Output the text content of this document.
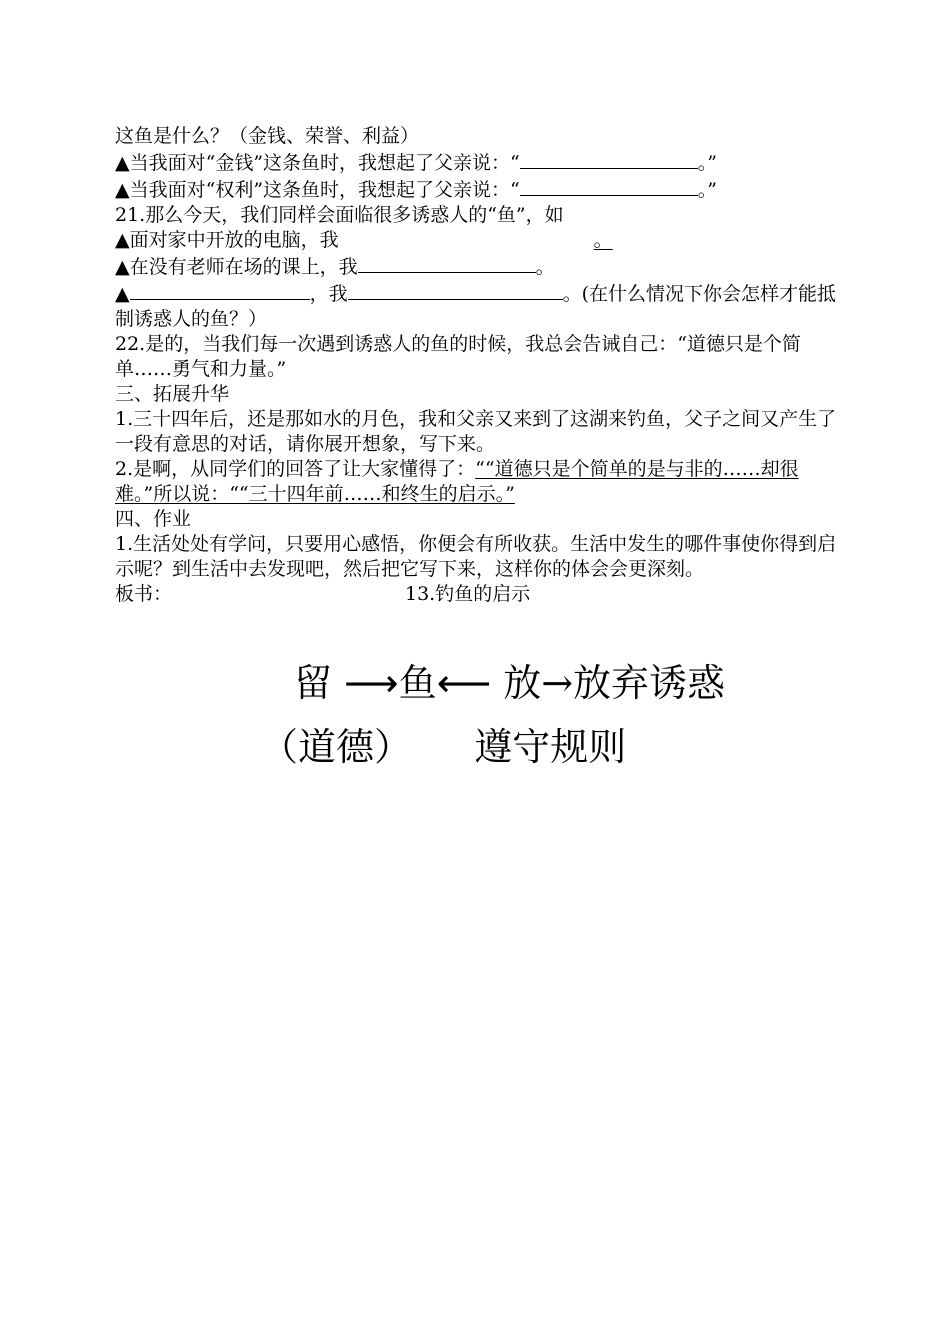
这鱼是什么？（金钱、荣誉、利益）
▲当我面对“金钱”这条鱼时，我想起了父亲说：“	。”
▲当我面对“权利”这条鱼时，我想起了父亲说：“	。”
21.那么今天，我们同样会面临很多诱惑人的“鱼”，如
▲面对家中开放的电脑，我	。
▲在没有老师在场的课上，我	。
▲	，我	。(在什么情况下你会怎样才能抵制诱惑人的鱼？）
22.是的，当我们每一次遇到诱惑人的鱼的时候，我总会告诫自己：“道德只是个简单……勇气和力量。”
三、拓展升华
1.三十四年后，还是那如水的月色，我和父亲又来到了这湖来钓鱼，父子之间又产生了一段有意思的对话，请你展开想象，写下来。
2.是啊，从同学们的回答了让大家懂得了：““道德只是个简单的是与非的……却很难。”所以说：““三十四年前……和终生的启示。”
四、作业
1.生活处处有学问，只要用心感悟，你便会有所收获。生活中发生的哪件事使你得到启示呢？到生活中去发现吧，然后把它写下来，这样你的体会会更深刻。
板书：	13.钓鱼的启示
留 ⟶鱼⟵ 放→放弃诱惑
（道德） 遵守规则
